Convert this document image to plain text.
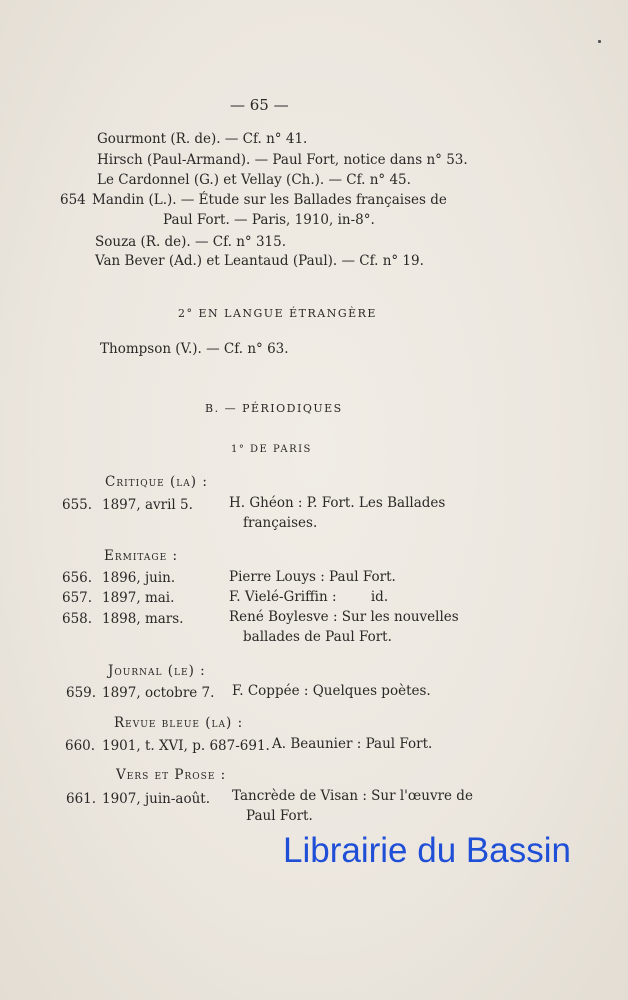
— 65 —
Gourmont (R. de). — Cf. n° 41.
Hirsch (Paul-Armand). — Paul Fort, notice dans n° 53.
Le Cardonnel (G.) et Vellay (Ch.). — Cf. n° 45.
654 Mandin (L.). — Étude sur les Ballades françaises de
Paul Fort. — Paris, 1910, in-8°.
Souza (R. de). — Cf. n° 315.
Van Bever (Ad.) et Leantaud (Paul). — Cf. n° 19.
2° EN LANGUE ÉTRANGÈRE
Thompson (V.). — Cf. n° 63.
B. — PÉRIODIQUES
1° DE PARIS
Critique (la) :
655. 1897, avril 5.	H. Ghéon : P. Fort. Les Ballades
françaises.
Ermitage :
656. 1896, juin.	Pierre Louys : Paul Fort.
657. 1897, mai.	F. Vielé-Griffin :        id.
658. 1898, mars.	René Boylesve : Sur les nouvelles
ballades de Paul Fort.
Journal (le) :
659. 1897, octobre 7. F. Coppée : Quelques poètes.
Revue bleue (la) :
660. 1901, t. XVI, p. 687-691. A. Beaunier : Paul Fort.
Vers et Prose :
661. 1907, juin-août. Tancrède de Visan : Sur l'œuvre de
Paul Fort.
Librairie du Bassin
